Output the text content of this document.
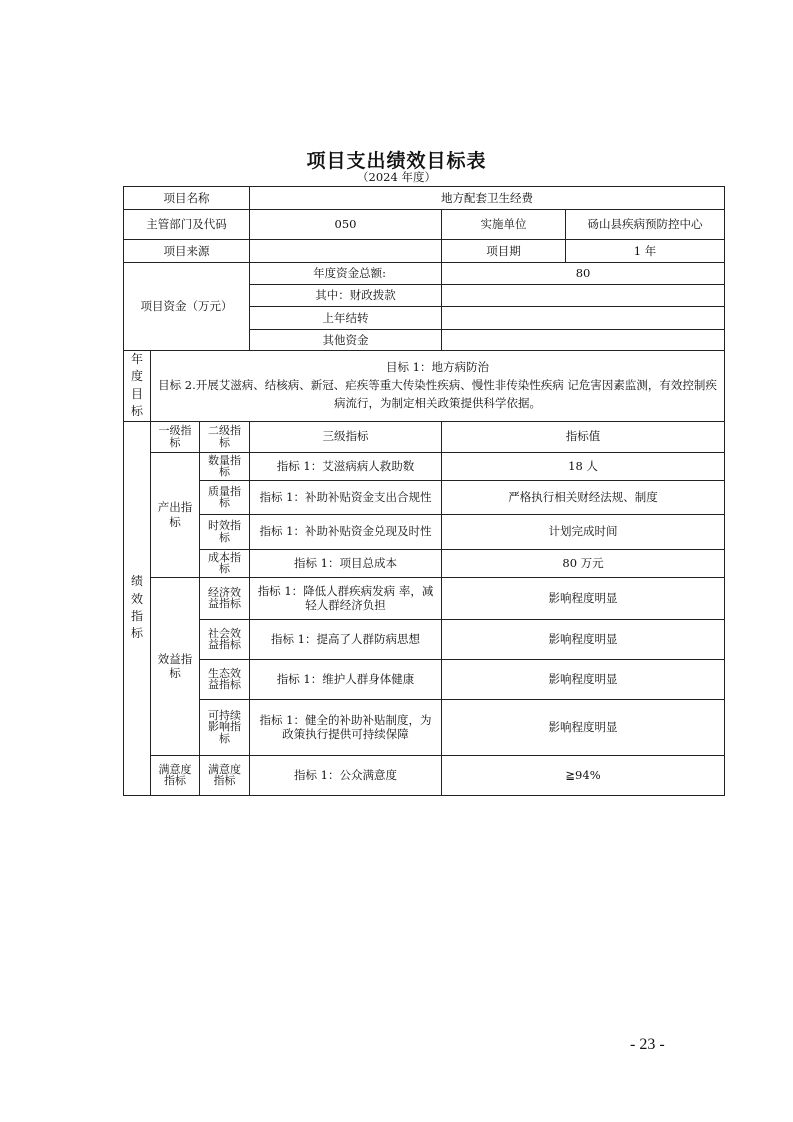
项目支出绩效目标表
（2024 年度）
项目名称			地方配套卫生经费		
主管部门及代码			050	实施单位	砀山县疾病预防控中心
项目来源				项目期	1 年
项目资金（万元）			年度资金总额:	80	
			其中：财政拨款		
			上年结转		
			其他资金		
年度目标	目标 1：地方病防治
目标 2.开展艾滋病、结核病、新冠、疟疾等重大传染性疾病、慢性非传染性疾病 记危害因素监测，有效控制疾病流行，为制定相关政策提供科学依据。				

绩效指标	一级指标	二级指标	三级指标	指标值	
	产出指标	数量指标	指标 1：艾滋病病人救助数	18 人	
		质量指标	指标 1：补助补贴资金支出合规性	严格执行相关财经法规、制度	
		时效指标	指标 1：补助补贴资金兑现及时性	计划完成时间	
		成本指标	指标 1：项目总成本	80 万元	
	效益指标	经济效益指标	指标 1：降低人群疾病发病 率，减轻人群经济负担	影响程度明显	
		社会效益指标	指标 1：提高了人群防病思想	影响程度明显	
		生态效益指标	指标 1：维护人群身体健康	影响程度明显	
		可持续影响指标	指标 1：健全的补助补贴制度，为政策执行提供可持续保障	影响程度明显	
	满意度指标	满意度指标	指标 1：公众满意度	≧94%	
- 23 -
